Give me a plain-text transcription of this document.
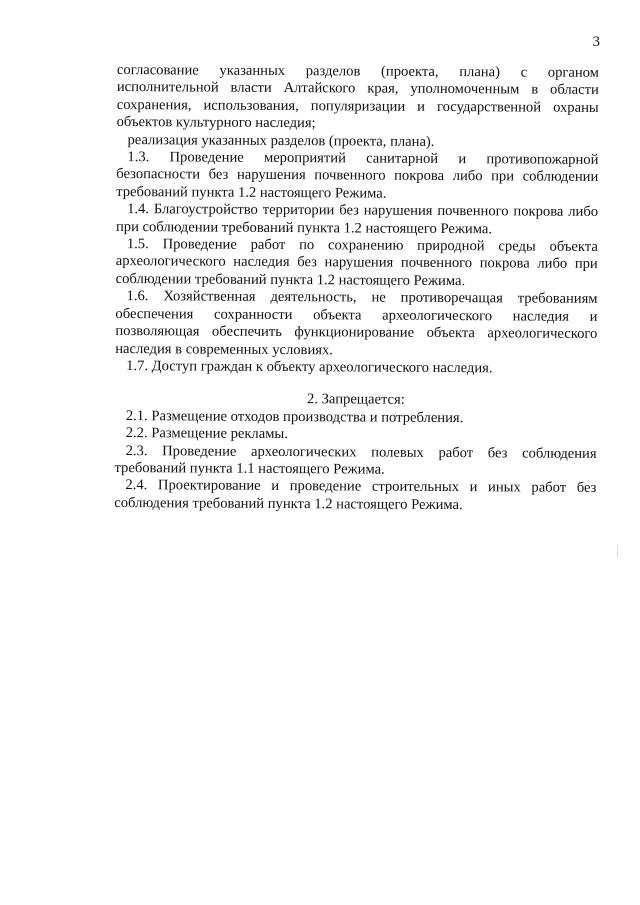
3

согласование указанных разделов (проекта, плана) с органом исполнительной власти Алтайского края, уполномоченным в области сохранения, использования, популяризации и государственной охраны объектов культурного наследия;

реализация указанных разделов (проекта, плана).

1.3. Проведение мероприятий санитарной и противопожарной безопасности без нарушения почвенного покрова либо при соблюдении требований пункта 1.2 настоящего Режима.

1.4. Благоустройство территории без нарушения почвенного покрова либо при соблюдении требований пункта 1.2 настоящего Режима.

1.5. Проведение работ по сохранению природной среды объекта археологического наследия без нарушения почвенного покрова либо при соблюдении требований пункта 1.2 настоящего Режима.

1.6. Хозяйственная деятельность, не противоречащая требованиям обеспечения сохранности объекта археологического наследия и позволяющая обеспечить функционирование объекта археологического наследия в современных условиях.

1.7. Доступ граждан к объекту археологического наследия.

2. Запрещается:

2.1. Размещение отходов производства и потребления.

2.2. Размещение рекламы.

2.3. Проведение археологических полевых работ без соблюдения требований пункта 1.1 настоящего Режима.

2.4. Проектирование и проведение строительных и иных работ без соблюдения требований пункта 1.2 настоящего Режима.
